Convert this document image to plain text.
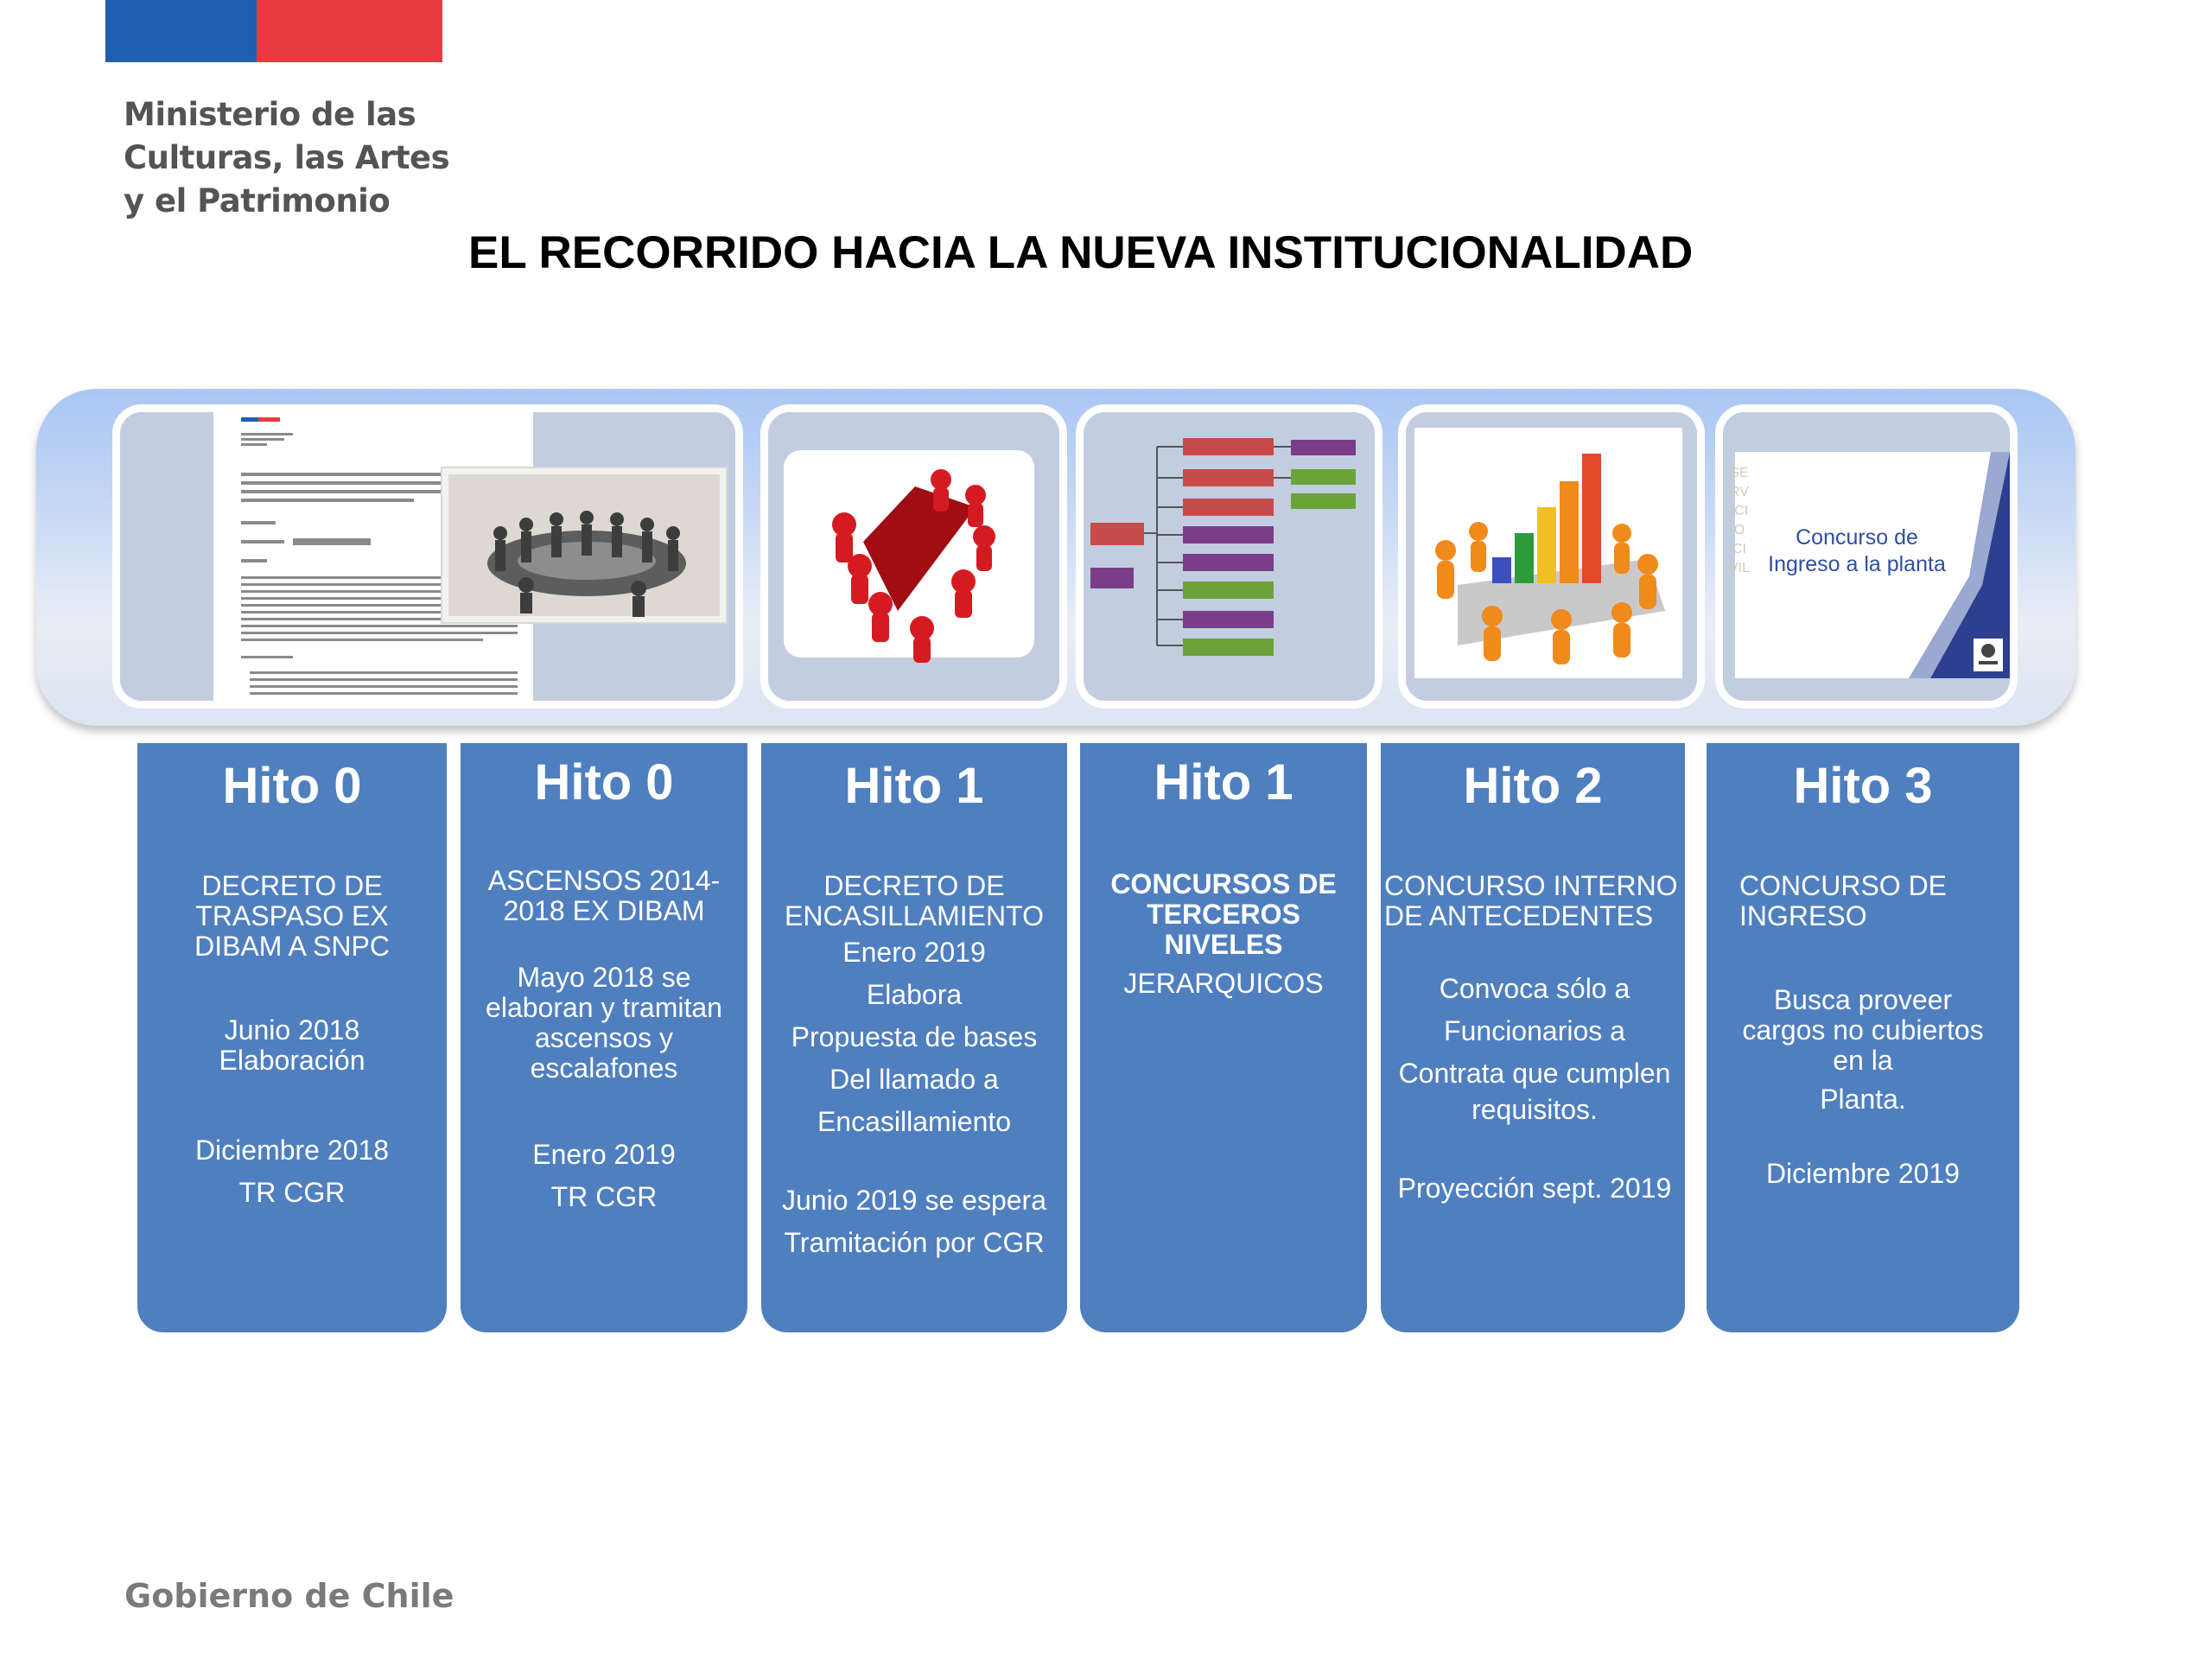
Ministerio de las
Culturas, las Artes
y el Patrimonio
EL RECORRIDO HACIA LA NUEVA INSTITUCIONALIDAD
SERVICIO CIVIL
Concurso de
Ingreso a la planta
Hito 0

DECRETO DE

TRASPASO EX

DIBAM A SNPC

Junio 2018

Elaboración

Diciembre 2018

TR CGR

Hito 0

ASCENSOS 2014-

2018 EX DIBAM

Mayo 2018 se

elaboran y tramitan

ascensos y

escalafones

Enero 2019

TR CGR

Hito 1

DECRETO DE

ENCASILLAMIENTO

Enero 2019

Elabora

Propuesta de bases

Del llamado a

Encasillamiento

Junio 2019 se espera

Tramitación por CGR

Hito 1

CONCURSOS DE

TERCEROS

NIVELES

JERARQUICOS

Hito 2

CONCURSO INTERNO

DE ANTECEDENTES

Convoca sólo a

Funcionarios a

Contrata que cumplen

requisitos.

Proyección sept. 2019

Hito 3

CONCURSO DE

INGRESO

Busca proveer

cargos no cubiertos

en la

Planta.

Diciembre 2019

Gobierno de Chile
